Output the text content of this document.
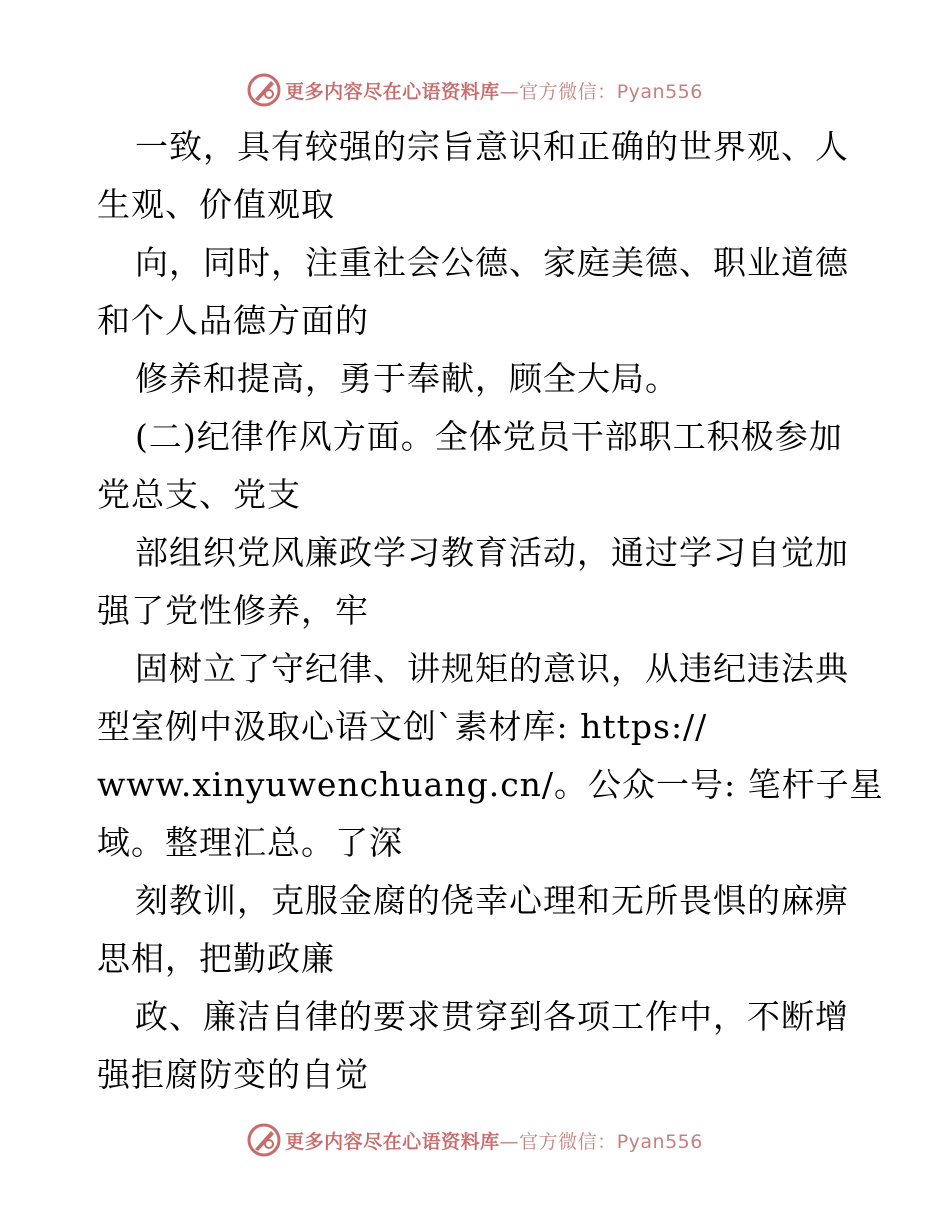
更多内容尽在心语资料库—官方微信：Pyan556
一致，具有较强的宗旨意识和正确的世界观、人
生观、价值观取
向，同时，注重社会公德、家庭美德、职业道德
和个人品德方面的
修养和提高，勇于奉献，顾全大局。
(二)纪律作风方面。全体党员干部职工积极参加
党总支、党支
部组织党风廉政学习教育活动，通过学习自觉加
强了党性修养，牢
固树立了守纪律、讲规矩的意识，从违纪违法典
型室例中汲取心语文创`素材库: https://
www.xinyuwenchuang.cn/。公众一号: 笔杆子星
域。整理汇总。了深
刻教训，克服金腐的侥幸心理和无所畏惧的麻痹
思相，把勤政廉
政、廉洁自律的要求贯穿到各项工作中，不断增
强拒腐防变的自觉
更多内容尽在心语资料库—官方微信：Pyan556
